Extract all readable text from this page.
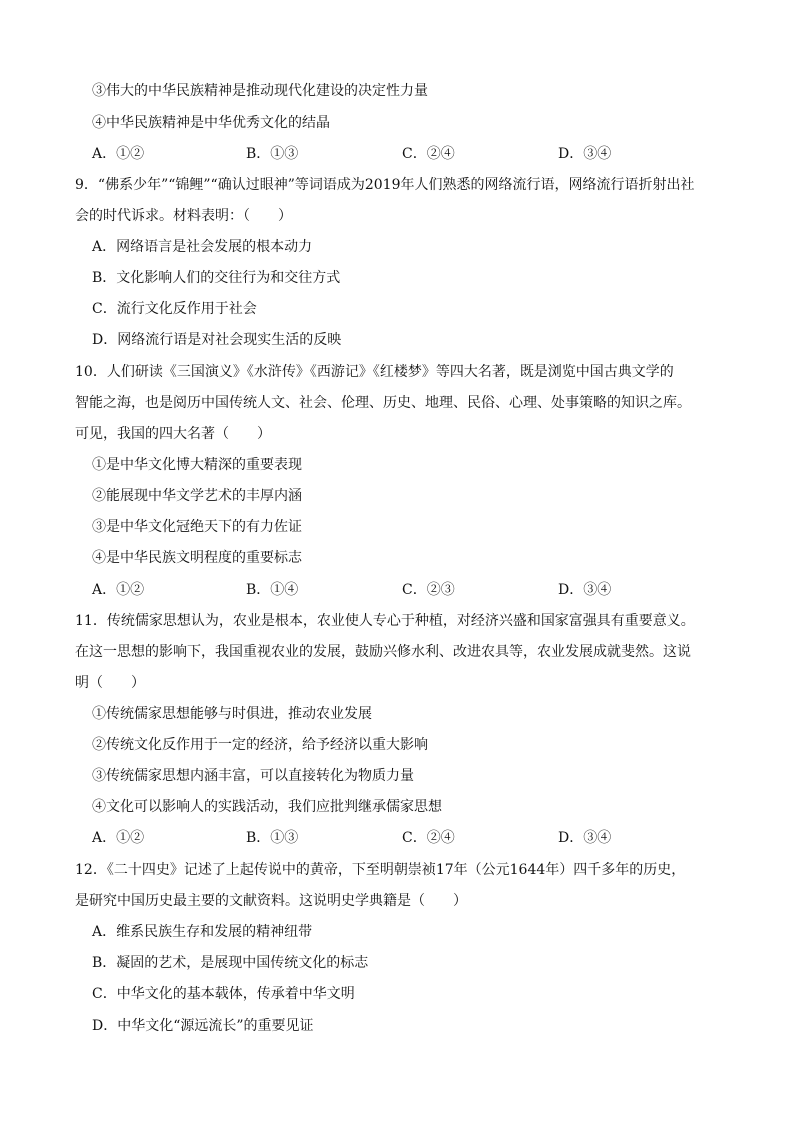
③伟大的中华民族精神是推动现代化建设的决定性力量
④中华民族精神是中华优秀文化的结晶
A．①②	B．①③	C．②④	D．③④
9．“佛系少年”“锦鲤”“确认过眼神”等词语成为2019年人们熟悉的网络流行语，网络流行语折射出社
会的时代诉求。材料表明：（　　）
A．网络语言是社会发展的根本动力
B．文化影响人们的交往行为和交往方式
C．流行文化反作用于社会
D．网络流行语是对社会现实生活的反映
10．人们研读《三国演义》《水浒传》《西游记》《红楼梦》等四大名著，既是浏览中国古典文学的
智能之海，也是阅历中国传统人文、社会、伦理、历史、地理、民俗、心理、处事策略的知识之库。
可见，我国的四大名著（　　）
①是中华文化博大精深的重要表现
②能展现中华文学艺术的丰厚内涵
③是中华文化冠绝天下的有力佐证
④是中华民族文明程度的重要标志
A．①②	B．①④	C．②③	D．③④
11．传统儒家思想认为，农业是根本，农业使人专心于种植，对经济兴盛和国家富强具有重要意义。
在这一思想的影响下，我国重视农业的发展，鼓励兴修水利、改进农具等，农业发展成就斐然。这说
明（　　）
①传统儒家思想能够与时俱进，推动农业发展
②传统文化反作用于一定的经济，给予经济以重大影响
③传统儒家思想内涵丰富，可以直接转化为物质力量
④文化可以影响人的实践活动，我们应批判继承儒家思想
A．①②	B．①③	C．②④	D．③④
12．《二十四史》记述了上起传说中的黄帝，下至明朝崇祯17年（公元1644年）四千多年的历史，
是研究中国历史最主要的文献资料。这说明史学典籍是（　　）
A．维系民族生存和发展的精神纽带
B．凝固的艺术，是展现中国传统文化的标志
C．中华文化的基本载体，传承着中华文明
D．中华文化“源远流长”的重要见证
